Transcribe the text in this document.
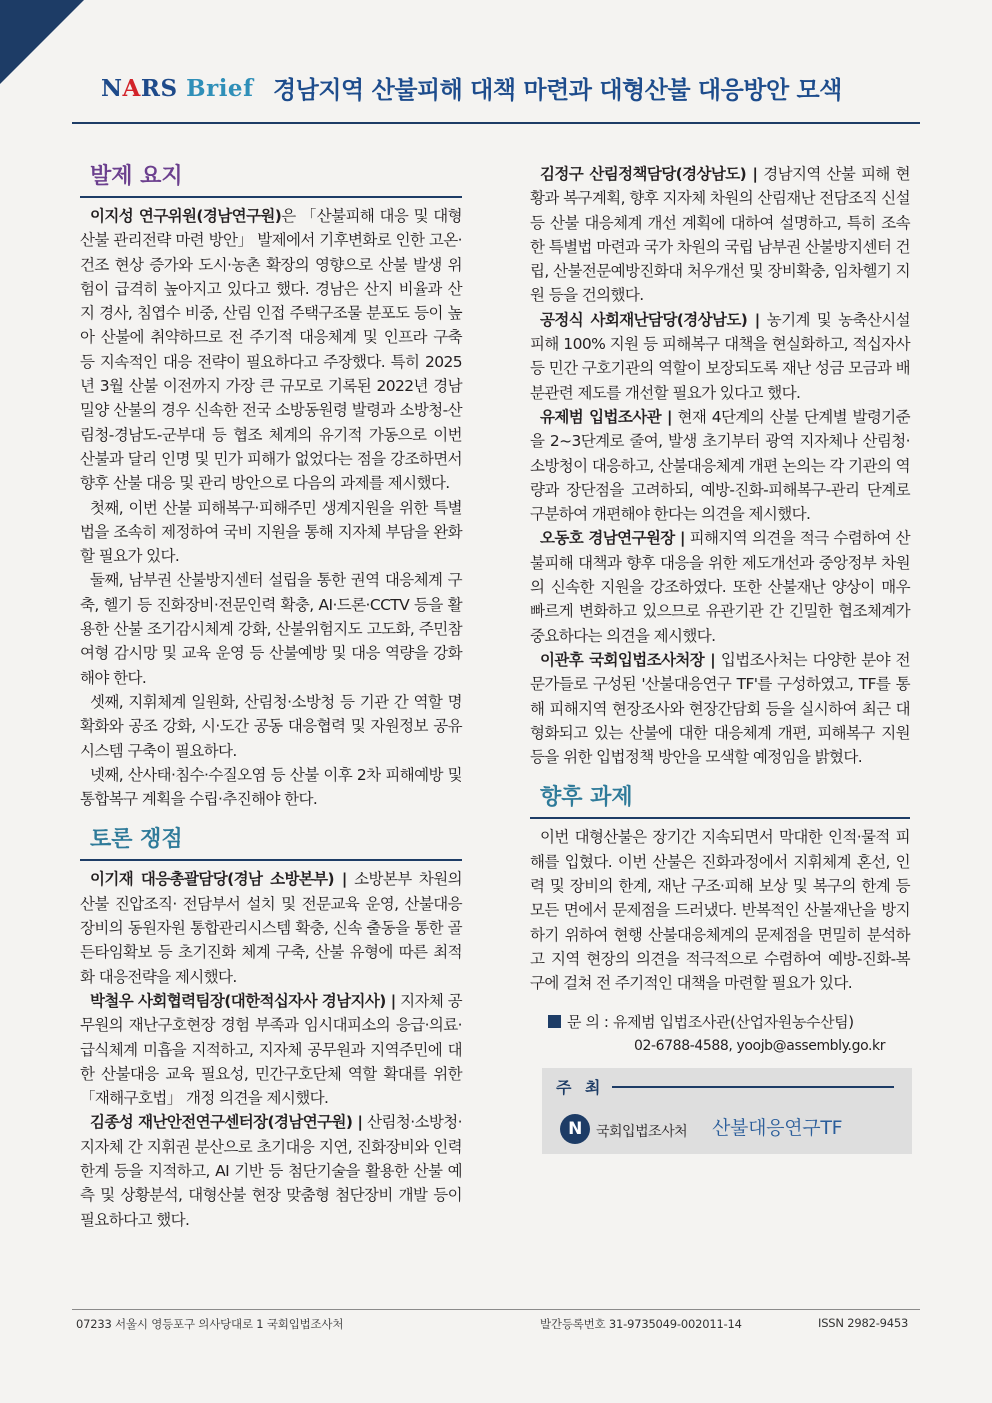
NARS Brief 경남지역 산불피해 대책 마련과 대형산불 대응방안 모색
발제 요지

이지성 연구위원(경남연구원)은 「산불피해 대응 및 대형산불 관리전략 마련 방안」 발제에서 기후변화로 인한 고온·건조 현상 증가와 도시·농촌 확장의 영향으로 산불 발생 위험이 급격히 높아지고 있다고 했다. 경남은 산지 비율과 산지 경사, 침엽수 비중, 산림 인접 주택구조물 분포도 등이 높아 산불에 취약하므로 전 주기적 대응체계 및 인프라 구축 등 지속적인 대응 전략이 필요하다고 주장했다. 특히 2025년 3월 산불 이전까지 가장 큰 규모로 기록된 2022년 경남 밀양 산불의 경우 신속한 전국 소방동원령 발령과 소방청-산림청-경남도-군부대 등 협조 체계의 유기적 가동으로 이번 산불과 달리 인명 및 민가 피해가 없었다는 점을 강조하면서 향후 산불 대응 및 관리 방안으로 다음의 과제를 제시했다.

첫째, 이번 산불 피해복구·피해주민 생계지원을 위한 특별법을 조속히 제정하여 국비 지원을 통해 지자체 부담을 완화할 필요가 있다.

둘째, 남부권 산불방지센터 설립을 통한 권역 대응체계 구축, 헬기 등 진화장비·전문인력 확충, AI·드론·CCTV 등을 활용한 산불 조기감시체계 강화, 산불위험지도 고도화, 주민참여형 감시망 및 교육 운영 등 산불예방 및 대응 역량을 강화해야 한다.

셋째, 지휘체계 일원화, 산림청·소방청 등 기관 간 역할 명확화와 공조 강화, 시·도간 공동 대응협력 및 자원정보 공유 시스템 구축이 필요하다.

넷째, 산사태·침수·수질오염 등 산불 이후 2차 피해예방 및 통합복구 계획을 수립·추진해야 한다.

토론 쟁점

이기재 대응총괄담당(경남 소방본부) | 소방본부 차원의 산불 진압조직· 전담부서 설치 및 전문교육 운영, 산불대응 장비의 동원자원 통합관리시스템 확충, 신속 출동을 통한 골든타임확보 등 초기진화 체계 구축, 산불 유형에 따른 최적화 대응전략을 제시했다.

박철우 사회협력팀장(대한적십자사 경남지사) | 지자체 공무원의 재난구호현장 경험 부족과 임시대피소의 응급·의료·급식체계 미흡을 지적하고, 지자체 공무원과 지역주민에 대한 산불대응 교육 필요성, 민간구호단체 역할 확대를 위한 「재해구호법」 개정 의견을 제시했다.

김종성 재난안전연구센터장(경남연구원) | 산림청·소방청·지자체 간 지휘권 분산으로 초기대응 지연, 진화장비와 인력 한계 등을 지적하고, AI 기반 등 첨단기술을 활용한 산불 예측 및 상황분석, 대형산불 현장 맞춤형 첨단장비 개발 등이 필요하다고 했다.

김정구 산림정책담당(경상남도) | 경남지역 산불 피해 현황과 복구계획, 향후 지자체 차원의 산림재난 전담조직 신설 등 산불 대응체계 개선 계획에 대하여 설명하고, 특히 조속한 특별법 마련과 국가 차원의 국립 남부권 산불방지센터 건립, 산불전문예방진화대 처우개선 및 장비확충, 임차헬기 지원 등을 건의했다.

공정식 사회재난담당(경상남도) | 농기계 및 농축산시설 피해 100% 지원 등 피해복구 대책을 현실화하고, 적십자사 등 민간 구호기관의 역할이 보장되도록 재난 성금 모금과 배분관련 제도를 개선할 필요가 있다고 했다.

유제범 입법조사관 | 현재 4단계의 산불 단계별 발령기준을 2~3단계로 줄여, 발생 초기부터 광역 지자체나 산림청·소방청이 대응하고, 산불대응체계 개편 논의는 각 기관의 역량과 장단점을 고려하되, 예방-진화-피해복구-관리 단계로 구분하여 개편해야 한다는 의견을 제시했다.

오동호 경남연구원장 | 피해지역 의견을 적극 수렴하여 산불피해 대책과 향후 대응을 위한 제도개선과 중앙정부 차원의 신속한 지원을 강조하였다. 또한 산불재난 양상이 매우 빠르게 변화하고 있으므로 유관기관 간 긴밀한 협조체계가 중요하다는 의견을 제시했다.

이관후 국회입법조사처장 | 입법조사처는 다양한 분야 전문가들로 구성된 '산불대응연구 TF'를 구성하였고, TF를 통해 피해지역 현장조사와 현장간담회 등을 실시하여 최근 대형화되고 있는 산불에 대한 대응체계 개편, 피해복구 지원 등을 위한 입법정책 방안을 모색할 예정임을 밝혔다.

향후 과제

이번 대형산불은 장기간 지속되면서 막대한 인적·물적 피해를 입혔다. 이번 산불은 진화과정에서 지휘체계 혼선, 인력 및 장비의 한계, 재난 구조·피해 보상 및 복구의 한계 등 모든 면에서 문제점을 드러냈다. 반복적인 산불재난을 방지하기 위하여 현행 산불대응체계의 문제점을 면밀히 분석하고 지역 현장의 의견을 적극적으로 수렴하여 예방-진화-복구에 걸쳐 전 주기적인 대책을 마련할 필요가 있다.

문 의 : 유제범 입법조사관(산업자원농수산팀)
02-6788-4588, yoojb@assembly.go.kr
주 최
N	국회입법조사처 산불대응연구TF
07233 서울시 영등포구 의사당대로 1 국회입법조사처	발간등록번호 31-9735049-002011-14	ISSN 2982-9453
